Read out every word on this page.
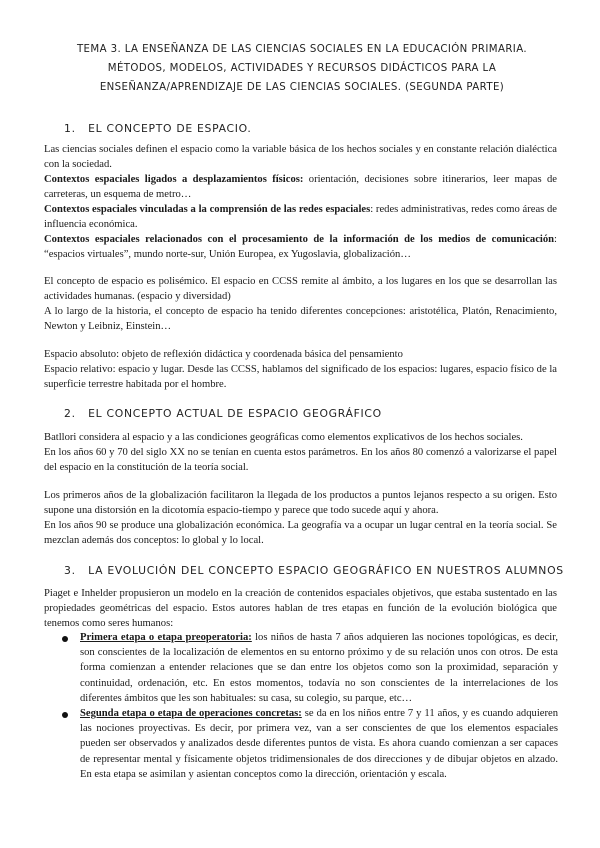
TEMA 3. LA ENSEÑANZA DE LAS CIENCIAS SOCIALES EN LA EDUCACIÓN PRIMARIA. MÉTODOS, MODELOS, ACTIVIDADES Y RECURSOS DIDÁCTICOS PARA LA ENSEÑANZA/APRENDIZAJE DE LAS CIENCIAS SOCIALES. (SEGUNDA PARTE)
1. EL CONCEPTO DE ESPACIO.
Las ciencias sociales definen el espacio como la variable básica de los hechos sociales y en constante relación dialéctica con la sociedad.
Contextos espaciales ligados a desplazamientos físicos: orientación, decisiones sobre itinerarios, leer mapas de carreteras, un esquema de metro…
Contextos espaciales vinculadas a la comprensión de las redes espaciales: redes administrativas, redes como áreas de influencia económica.
Contextos espaciales relacionados con el procesamiento de la información de los medios de comunicación: “espacios virtuales”, mundo norte-sur, Unión Europea, ex Yugoslavia, globalización…
El concepto de espacio es polisémico. El espacio en CCSS remite al ámbito, a los lugares en los que se desarrollan las actividades humanas. (espacio y diversidad)
A lo largo de la historia, el concepto de espacio ha tenido diferentes concepciones: aristotélica, Platón, Renacimiento, Newton y Leibniz, Einstein…
Espacio absoluto: objeto de reflexión didáctica y coordenada básica del pensamiento
Espacio relativo: espacio y lugar. Desde las CCSS, hablamos del significado de los espacios: lugares, espacio físico de la superficie terrestre habitada por el hombre.
2. EL CONCEPTO ACTUAL DE ESPACIO GEOGRÁFICO
Batllori considera al espacio y a las condiciones geográficas como elementos explicativos de los hechos sociales.
En los años 60 y 70 del siglo XX no se tenían en cuenta estos parámetros. En los años 80 comenzó a valorizarse el papel del espacio en la constitución de la teoría social.
Los primeros años de la globalización facilitaron la llegada de los productos a puntos lejanos respecto a su origen. Esto supone una distorsión en la dicotomía espacio-tiempo y parece que todo sucede aquí y ahora.
En los años 90 se produce una globalización económica. La geografía va a ocupar un lugar central en la teoría social. Se mezclan además dos conceptos: lo global y lo local.
3. LA EVOLUCIÓN DEL CONCEPTO ESPACIO GEOGRÁFICO EN NUESTROS ALUMNOS
Piaget e Inhelder propusieron un modelo en la creación de contenidos espaciales objetivos, que estaba sustentado en las propiedades geométricas del espacio. Estos autores hablan de tres etapas en función de la evolución biológica que tenemos como seres humanos:
Primera etapa o etapa preoperatoria: los niños de hasta 7 años adquieren las nociones topológicas, es decir, son conscientes de la localización de elementos en su entorno próximo y de su relación unos con otros. De esta forma comienzan a entender relaciones que se dan entre los objetos como son la proximidad, separación y continuidad, ordenación, etc. En estos momentos, todavía no son conscientes de la interrelaciones de los diferentes ámbitos que les son habituales: su casa, su colegio, su parque, etc…
Segunda etapa o etapa de operaciones concretas: se da en los niños entre 7 y 11 años, y es cuando adquieren las nociones proyectivas. Es decir, por primera vez, van a ser conscientes de que los elementos espaciales pueden ser observados y analizados desde diferentes puntos de vista. Es ahora cuando comienzan a ser capaces de representar mental y físicamente objetos tridimensionales de dos direcciones y de dibujar objetos en alzado. En esta etapa se asimilan y asientan conceptos como la dirección, orientación y escala.
